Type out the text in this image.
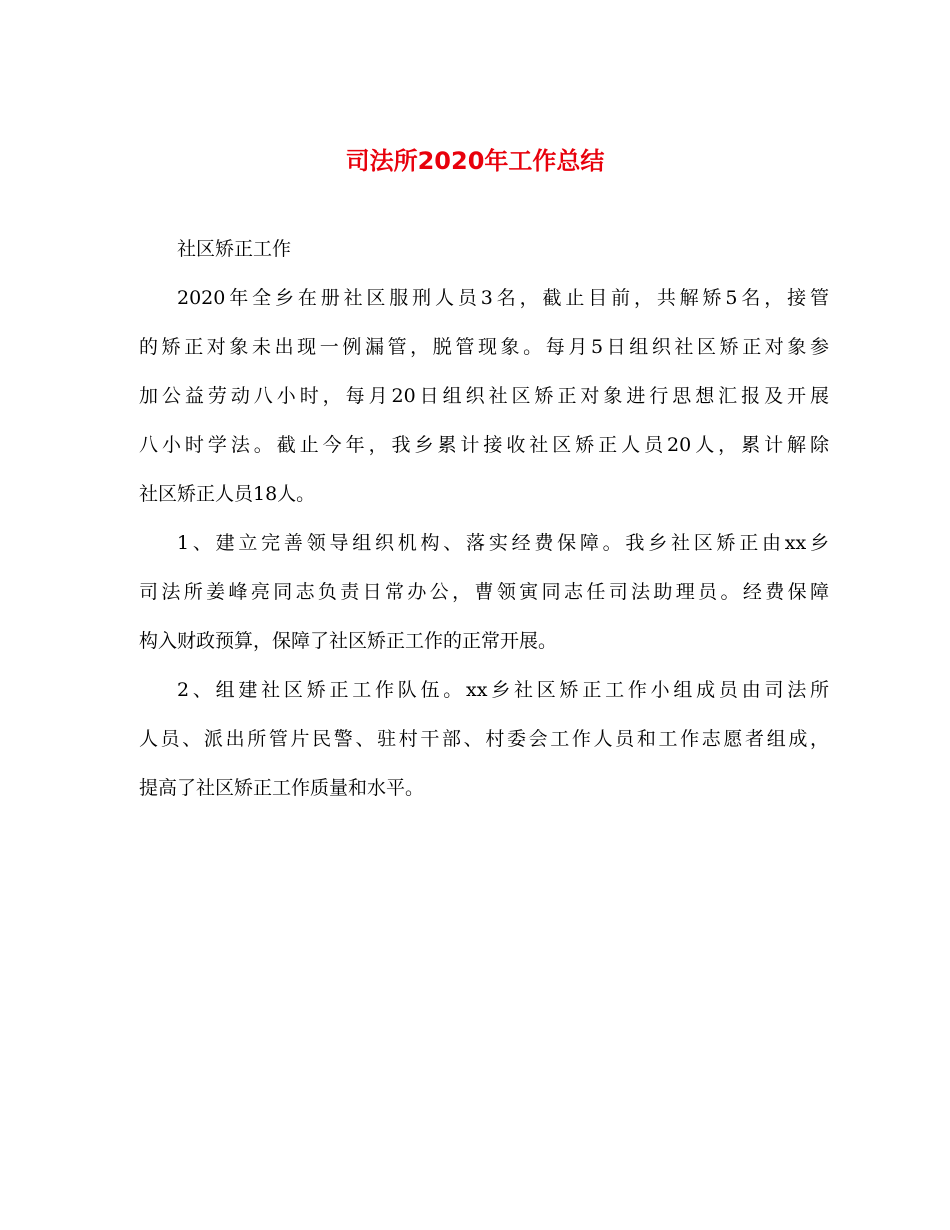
司法所2020年工作总结
社区矫正工作
2020年全乡在册社区服刑人员3名，截止目前，共解矫5名，接管
的矫正对象未出现一例漏管，脱管现象。每月5日组织社区矫正对象参
加公益劳动八小时，每月20日组织社区矫正对象进行思想汇报及开展
八小时学法。截止今年，我乡累计接收社区矫正人员20人，累计解除
社区矫正人员18人。
1、建立完善领导组织机构、落实经费保障。我乡社区矫正由xx乡
司法所姜峰亮同志负责日常办公，曹领寅同志任司法助理员。经费保障
构入财政预算，保障了社区矫正工作的正常开展。
2、组建社区矫正工作队伍。xx乡社区矫正工作小组成员由司法所
人员、派出所管片民警、驻村干部、村委会工作人员和工作志愿者组成，
提高了社区矫正工作质量和水平。
